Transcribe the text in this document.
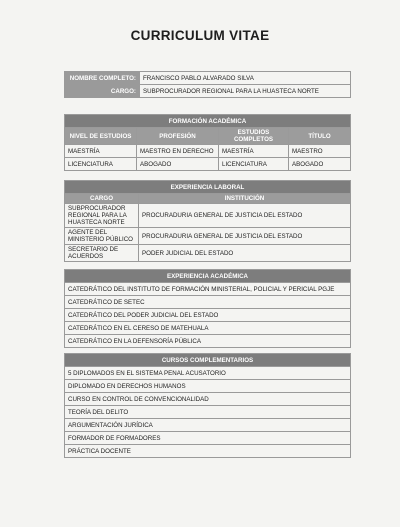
CURRICULUM VITAE
NOMBRE COMPLETO:	FRANCISCO PABLO ALVARADO SILVA
CARGO:	SUBPROCURADOR REGIONAL PARA LA HUASTECA NORTE
FORMACIÓN ACADÉMICA			
NIVEL DE ESTUDIOS	PROFESIÓN	ESTUDIOS COMPLETOS	TÍTULO
MAESTRÍA	MAESTRO EN DERECHO	MAESTRÍA	MAESTRO
LICENCIATURA	ABOGADO	LICENCIATURA	ABOGADO
EXPERIENCIA LABORAL	
CARGO	INSTITUCIÓN
SUBPROCURADOR REGIONAL PARA LA HUASTECA NORTE	PROCURADURIA GENERAL DE JUSTICIA DEL ESTADO
AGENTE DEL MINISTERIO PÚBLICO	PROCURADURIA GENERAL DE JUSTICIA DEL ESTADO
SECRETARIO DE ACUERDOS	PODER JUDICIAL DEL ESTADO
EXPERIENCIA ACADÉMICA
CATEDRÁTICO DEL INSTITUTO DE FORMACIÓN MINISTERIAL, POLICIAL Y PERICIAL PGJE
CATEDRÁTICO DE SETEC
CATEDRÁTICO DEL PODER JUDICIAL DEL ESTADO
CATEDRÁTICO EN EL CERESO DE MATEHUALA
CATEDRÁTICO EN LA DEFENSORÍA PÚBLICA
CURSOS COMPLEMENTARIOS
5 DIPLOMADOS EN EL SISTEMA PENAL ACUSATORIO
DIPLOMADO EN DERECHOS HUMANOS
CURSO EN CONTROL DE CONVENCIONALIDAD
TEORÍA DEL DELITO
ARGUMENTACIÓN JURÍDICA
FORMADOR DE FORMADORES
PRÁCTICA DOCENTE
